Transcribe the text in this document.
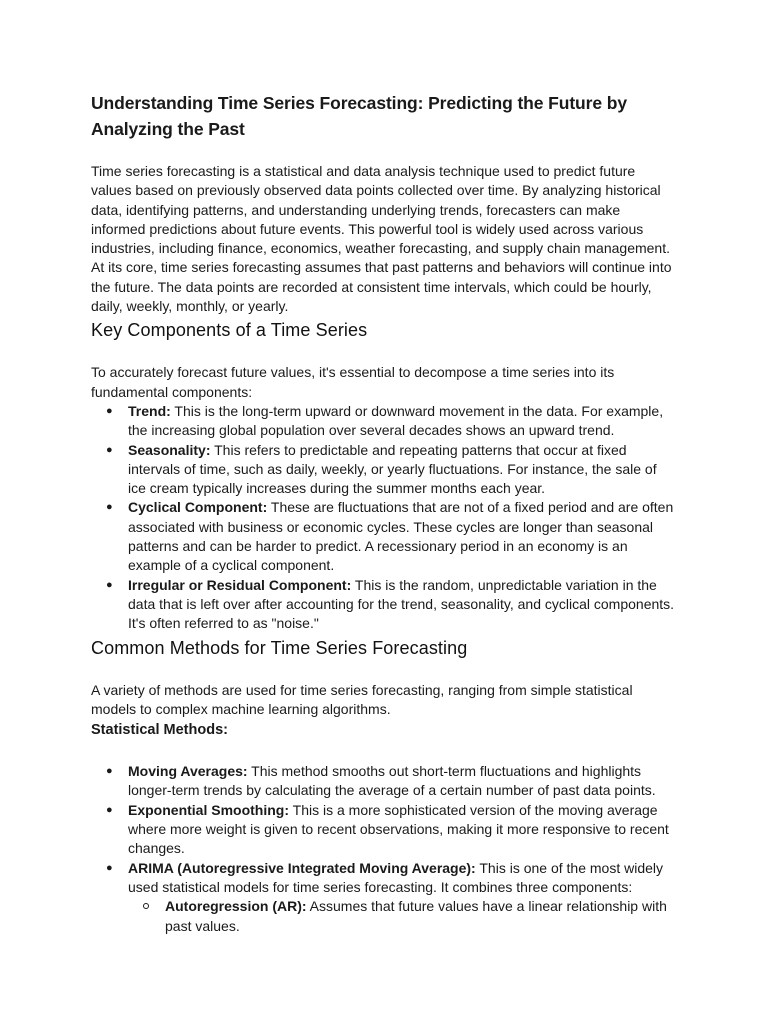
Understanding Time Series Forecasting: Predicting the Future by Analyzing the Past

Time series forecasting is a statistical and data analysis technique used to predict future values based on previously observed data points collected over time. By analyzing historical data, identifying patterns, and understanding underlying trends, forecasters can make informed predictions about future events. This powerful tool is widely used across various industries, including finance, economics, weather forecasting, and supply chain management. At its core, time series forecasting assumes that past patterns and behaviors will continue into the future. The data points are recorded at consistent time intervals, which could be hourly, daily, weekly, monthly, or yearly.

Key Components of a Time Series

To accurately forecast future values, it's essential to decompose a time series into its fundamental components:

● Trend: This is the long-term upward or downward movement in the data. For example, the increasing global population over several decades shows an upward trend.
● Seasonality: This refers to predictable and repeating patterns that occur at fixed intervals of time, such as daily, weekly, or yearly fluctuations. For instance, the sale of ice cream typically increases during the summer months each year.
● Cyclical Component: These are fluctuations that are not of a fixed period and are often associated with business or economic cycles. These cycles are longer than seasonal patterns and can be harder to predict. A recessionary period in an economy is an example of a cyclical component.
● Irregular or Residual Component: This is the random, unpredictable variation in the data that is left over after accounting for the trend, seasonality, and cyclical components. It's often referred to as "noise."
Common Methods for Time Series Forecasting

A variety of methods are used for time series forecasting, ranging from simple statistical models to complex machine learning algorithms.

Statistical Methods:
● Moving Averages: This method smooths out short-term fluctuations and highlights longer-term trends by calculating the average of a certain number of past data points.
● Exponential Smoothing: This is a more sophisticated version of the moving average where more weight is given to recent observations, making it more responsive to recent changes.
● ARIMA (Autoregressive Integrated Moving Average): This is one of the most widely used statistical models for time series forecasting. It combines three components:
Autoregression (AR): Assumes that future values have a linear relationship with past values.
